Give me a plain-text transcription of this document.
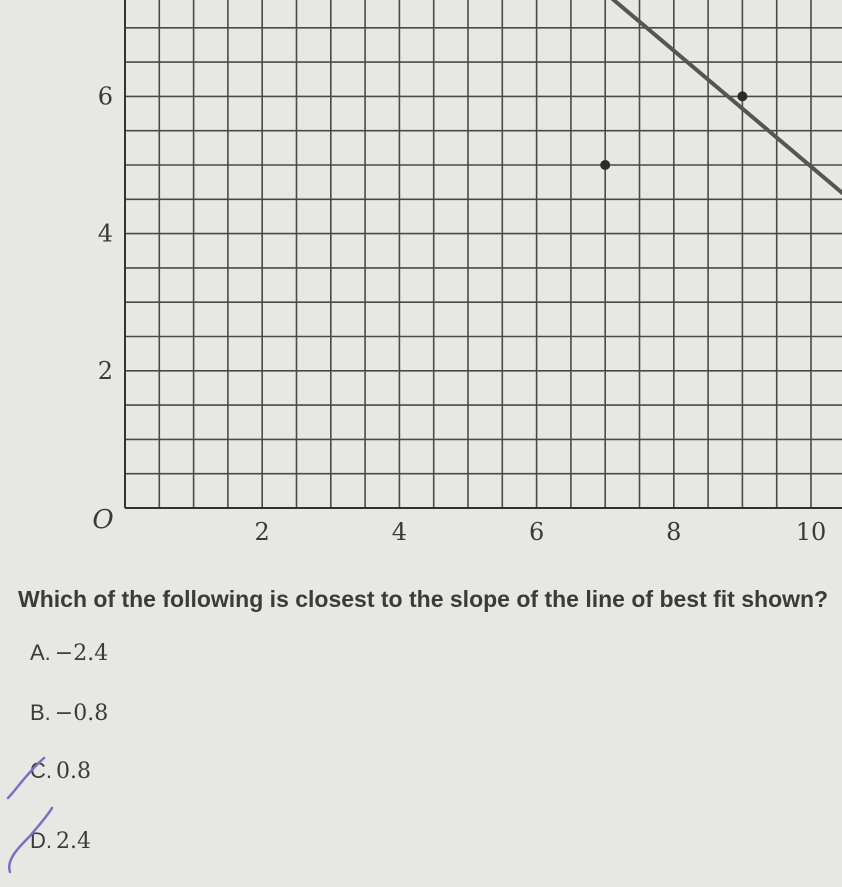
2	4	6	8	10
2
4
6
O
Which of the following is closest to the slope of the line of best fit shown?
A. −2.4
B. −0.8
C. 0.8
D. 2.4
